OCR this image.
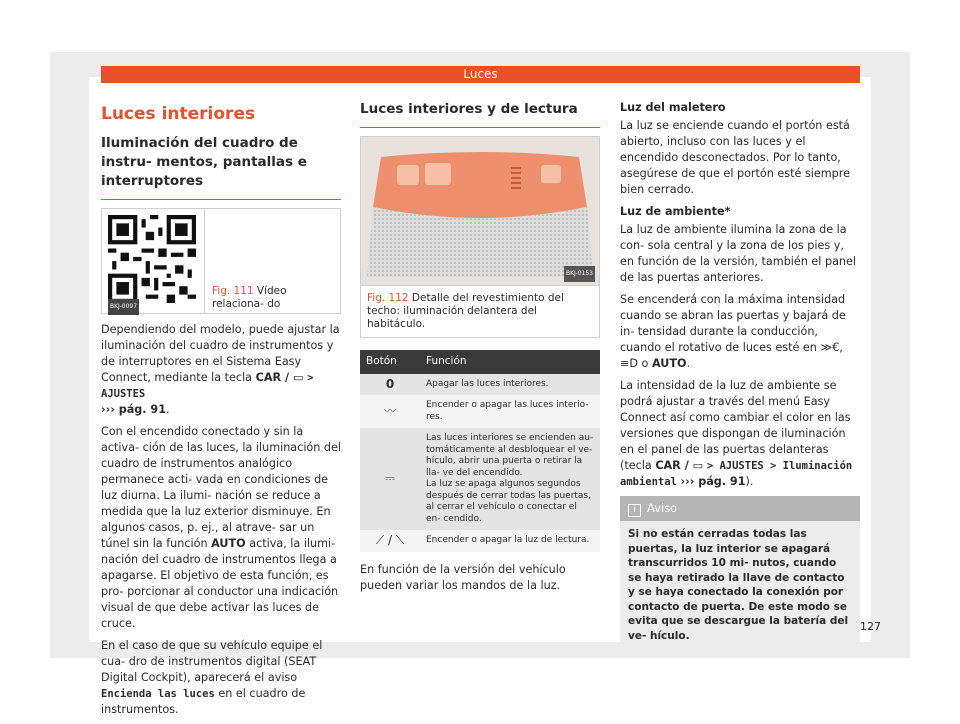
Luces
Luces interiores
Iluminación del cuadro de instru- mentos, pantallas e interruptores
BKJ-0097
Fig. 111 Vídeo relaciona- do

Dependiendo del modelo, puede ajustar la iluminación del cuadro de instrumentos y de interruptores en el Sistema Easy Connect, mediante la tecla CAR / ▭ > AJUSTES
››› pág. 91.

Con el encendido conectado y sin la activa- ción de las luces, la iluminación del cuadro de instrumentos analógico permanece acti- vada en condiciones de luz diurna. La ilumi- nación se reduce a medida que la luz exterior disminuye. En algunos casos, p. ej., al atrave- sar un túnel sin la función AUTO activa, la ilumi- nación del cuadro de instrumentos llega a apagarse. El objetivo de esta función, es pro- porcionar al conductor una indicación visual de que debe activar las luces de cruce.

En el caso de que su vehículo equipe el cua- dro de instrumentos digital (SEAT Digital Cockpit), aparecerá el aviso Encienda las luces en el cuadro de instrumentos.

Luces interiores y de lectura
BKJ-0153
Fig. 112 Detalle del revestimiento del techo: iluminación delantera del habitáculo.
Botón	Función
0	Apagar las luces interiores.
〰	Encender o apagar las luces interio- res.
⎓	Las luces interiores se encienden au- tomáticamente al desbloquear el ve- hículo, abrir una puerta o retirar la lla- ve del encendido.
La luz se apaga algunos segundos después de cerrar todas las puertas, al cerrar el vehículo o conectar el en- cendido.
⟋ / ⟍	Encender o apagar la luz de lectura.

En función de la versión del vehículo pueden variar los mandos de la luz.

Luz del maletero

La luz se enciende cuando el portón está abierto, incluso con las luces y el encendido desconectados. Por lo tanto, asegúrese de que el portón esté siempre bien cerrado.

Luz de ambiente*

La luz de ambiente ilumina la zona de la con- sola central y la zona de los pies y, en función de la versión, también el panel de las puertas anteriores.

Se encenderá con la máxima intensidad cuando se abran las puertas y bajará de in- tensidad durante la conducción, cuando el rotativo de luces esté en ≫€, ≡D o AUTO.

La intensidad de la luz de ambiente se podrá ajustar a través del menú Easy Connect así como cambiar el color en las versiones que dispongan de iluminación en el panel de las puertas delanteras (tecla CAR / ▭ > AJUSTES > Iluminación ambiental ››› pág. 91).

i Aviso
Si no están cerradas todas las puertas, la luz interior se apagará transcurridos 10 mi- nutos, cuando se haya retirado la llave de contacto y se haya conectado la conexión por contacto de puerta. De este modo se evita que se descargue la batería del ve- hículo.
127
